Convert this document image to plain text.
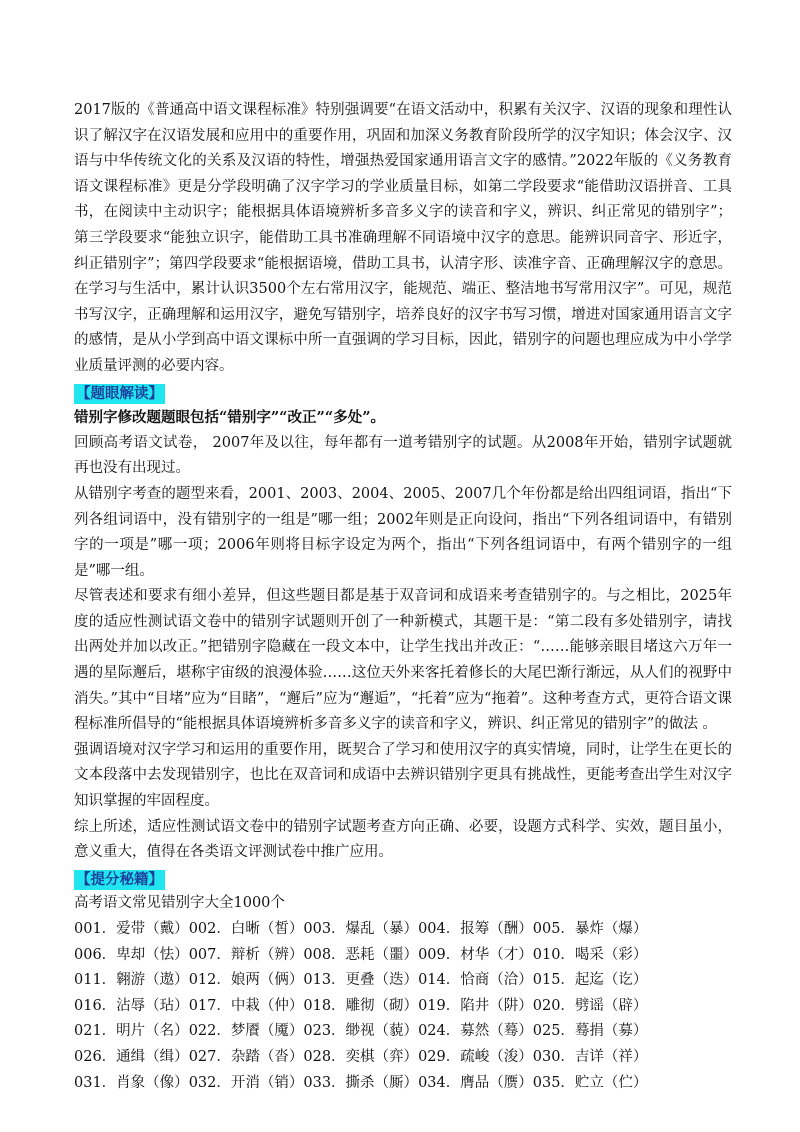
2017版的《普通高中语文课程标准》特别强调要“在语文活动中，积累有关汉字、汉语的现象和理性认识了解汉字在汉语发展和应用中的重要作用，巩固和加深义务教育阶段所学的汉字知识；体会汉字、汉语与中华传统文化的关系及汉语的特性，增强热爱国家通用语言文字的感情。”2022年版的《义务教育语文课程标准》更是分学段明确了汉字学习的学业质量目标，如第二学段要求“能借助汉语拼音、工具书，在阅读中主动识字；能根据具体语境辨析多音多义字的读音和字义，辨识、纠正常见的错别字”；第三学段要求“能独立识字，能借助工具书准确理解不同语境中汉字的意思。能辨识同音字、形近字，纠正错别字”；第四学段要求“能根据语境，借助工具书，认清字形、读准字音、正确理解汉字的意思。在学习与生活中，累计认识3500个左右常用汉字，能规范、端正、整洁地书写常用汉字”。可见，规范书写汉字，正确理解和运用汉字，避免写错别字，培养良好的汉字书写习惯，增进对国家通用语言文字的感情，是从小学到高中语文课标中所一直强调的学习目标，因此，错别字的问题也理应成为中小学学业质量评测的必要内容。

【题眼解读】

错别字修改题题眼包括“错别字”“改正”“多处”。

回顾高考语文试卷， 2007年及以往，每年都有一道考错别字的试题。从2008年开始，错别字试题就再也没有出现过。

从错别字考查的题型来看，2001、2003、2004、2005、2007几个年份都是给出四组词语，指出“下列各组词语中，没有错别字的一组是”哪一组；2002年则是正向设问，指出“下列各组词语中，有错别字的一项是”哪一项；2006年则将目标字设定为两个，指出“下列各组词语中，有两个错别字的一组是”哪一组。

尽管表述和要求有细小差异，但这些题目都是基于双音词和成语来考查错别字的。与之相比，2025年度的适应性测试语文卷中的错别字试题则开创了一种新模式，其题干是：“第二段有多处错别字，请找出两处并加以改正。”把错别字隐藏在一段文本中，让学生找出并改正：“……能够亲眼目堵这六万年一遇的星际邂后，堪称宇宙级的浪漫体验……这位天外来客托着修长的大尾巴渐行渐远，从人们的视野中消失。”其中“目堵”应为“目睹”，“邂后”应为“邂逅”，“托着”应为“拖着”。这种考查方式，更符合语文课程标准所倡导的“能根据具体语境辨析多音多义字的读音和字义，辨识、纠正常见的错别字”的做法 。

强调语境对汉字学习和运用的重要作用，既契合了学习和使用汉字的真实情境，同时，让学生在更长的文本段落中去发现错别字，也比在双音词和成语中去辨识错别字更具有挑战性，更能考查出学生对汉字知识掌握的牢固程度。

综上所述，适应性测试语文卷中的错别字试题考查方向正确、必要，设题方式科学、实效，题目虽小，意义重大，值得在各类语文评测试卷中推广应用。

【提分秘籍】

高考语文常见错别字大全1000个

001．爱带（戴） 002．白晰（皙） 003．爆乱（暴） 004．报筹（酬） 005．暴炸（爆）
006．卑却（怯） 007．辩析（辨） 008．恶耗（噩） 009．材华（才） 010．喝采（彩）
011．翱游（遨） 012．娘两（俩） 013．更叠（迭） 014．恰商（洽） 015．起迄（讫）
016．沾辱（玷） 017．中栽（仲） 018．雕彻（砌） 019．陷井（阱） 020．劈谣（辟）
021．明片（名） 022．梦餍（魇） 023．缈视（藐） 024．募然（蓦） 025．蓦捐（募）
026．通缉（缉） 027．杂踏（沓） 028．奕棋（弈） 029．疏峻（浚） 030．吉详（祥）
031．肖象（像） 032．开消（销） 033．撕杀（厮） 034．膺品（赝） 035．贮立（伫）
